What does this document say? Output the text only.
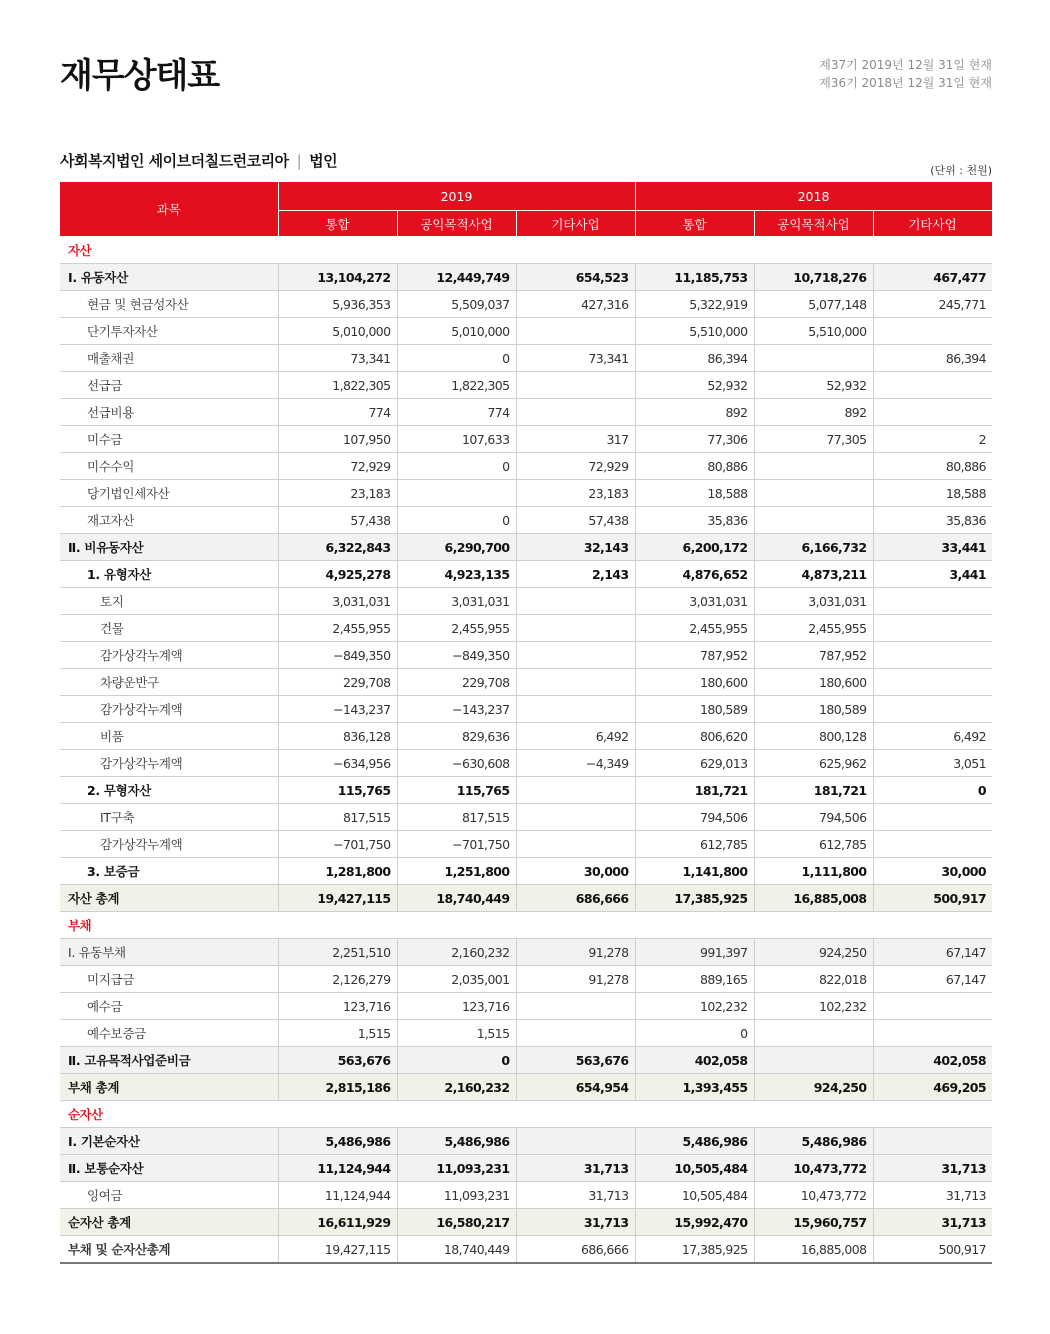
재무상태표	제37기 2019년 12월 31일 현재
제36기 2018년 12월 31일 현재
사회복지법인 세이브더칠드런코리아 | 법인
(단위 : 천원)
과목	2019			2018		
	통합	공익목적사업	기타사업	통합	공익목적사업	기타사업
자산						
Ⅰ. 유동자산	13,104,272	12,449,749	654,523	11,185,753	10,718,276	467,477
현금 및 현금성자산	5,936,353	5,509,037	427,316	5,322,919	5,077,148	245,771
단기투자자산	5,010,000	5,010,000		5,510,000	5,510,000	
매출채권	73,341	0	73,341	86,394		86,394
선급금	1,822,305	1,822,305		52,932	52,932	
선급비용	774	774		892	892	
미수금	107,950	107,633	317	77,306	77,305	2
미수수익	72,929	0	72,929	80,886		80,886
당기법인세자산	23,183		23,183	18,588		18,588
재고자산	57,438	0	57,438	35,836		35,836
Ⅱ. 비유동자산	6,322,843	6,290,700	32,143	6,200,172	6,166,732	33,441
1. 유형자산	4,925,278	4,923,135	2,143	4,876,652	4,873,211	3,441
토지	3,031,031	3,031,031		3,031,031	3,031,031	
건물	2,455,955	2,455,955		2,455,955	2,455,955	
감가상각누계액	−849,350	−849,350		787,952	787,952	
차량운반구	229,708	229,708		180,600	180,600	
감가상각누계액	−143,237	−143,237		180,589	180,589	
비품	836,128	829,636	6,492	806,620	800,128	6,492
감가상각누계액	−634,956	−630,608	−4,349	629,013	625,962	3,051
2. 무형자산	115,765	115,765		181,721	181,721	0
IT구축	817,515	817,515		794,506	794,506	
감가상각누계액	−701,750	−701,750		612,785	612,785	
3. 보증금	1,281,800	1,251,800	30,000	1,141,800	1,111,800	30,000
자산 총계	19,427,115	18,740,449	686,666	17,385,925	16,885,008	500,917
부채						
Ⅰ. 유동부채	2,251,510	2,160,232	91,278	991,397	924,250	67,147
미지급금	2,126,279	2,035,001	91,278	889,165	822,018	67,147
예수금	123,716	123,716		102,232	102,232	
예수보증금	1,515	1,515		0		
Ⅱ. 고유목적사업준비금	563,676	0	563,676	402,058		402,058
부채 총계	2,815,186	2,160,232	654,954	1,393,455	924,250	469,205
순자산						
Ⅰ. 기본순자산	5,486,986	5,486,986		5,486,986	5,486,986	
Ⅱ. 보통순자산	11,124,944	11,093,231	31,713	10,505,484	10,473,772	31,713
잉여금	11,124,944	11,093,231	31,713	10,505,484	10,473,772	31,713
순자산 총계	16,611,929	16,580,217	31,713	15,992,470	15,960,757	31,713
부채 및 순자산총계	19,427,115	18,740,449	686,666	17,385,925	16,885,008	500,917
